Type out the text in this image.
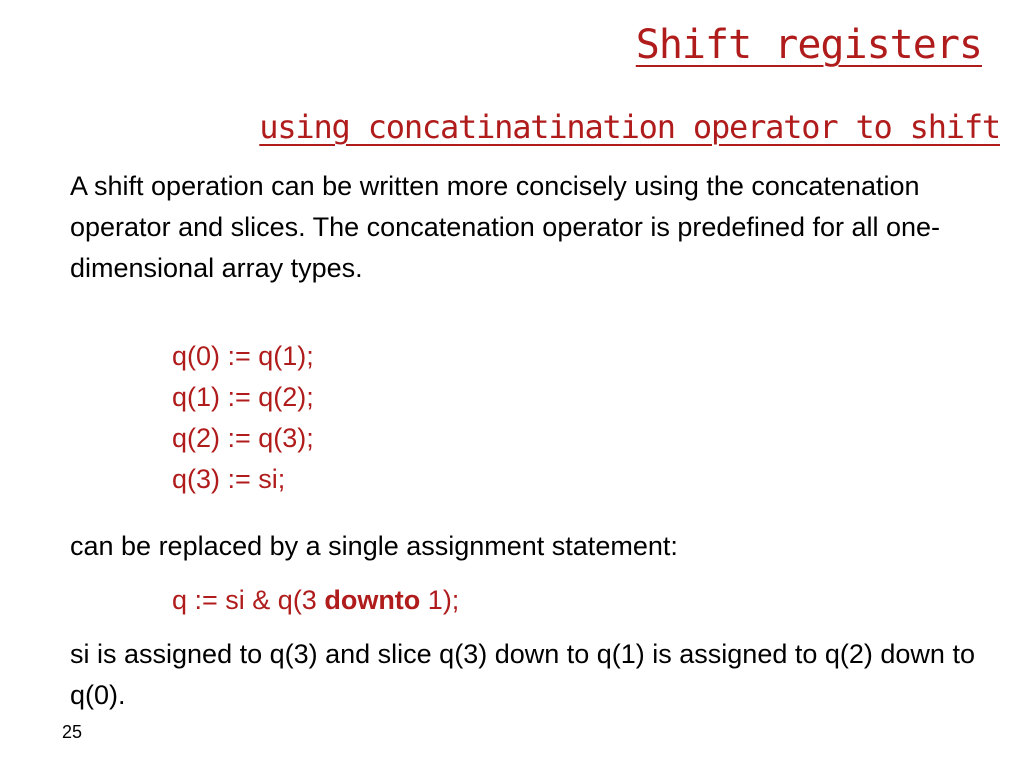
Shift registers
using concatinatination operator to shift

A shift operation can be written more concisely using the concatenation operator and slices. The concatenation operator is predefined for all one-dimensional array types.

q(0) := q(1);
q(1) := q(2);
q(2) := q(3);
q(3) := si;

can be replaced by a single assignment statement:

q := si & q(3 downto 1);

si is assigned to q(3) and slice q(3) down to q(1) is assigned to q(2) down to q(0).

25
